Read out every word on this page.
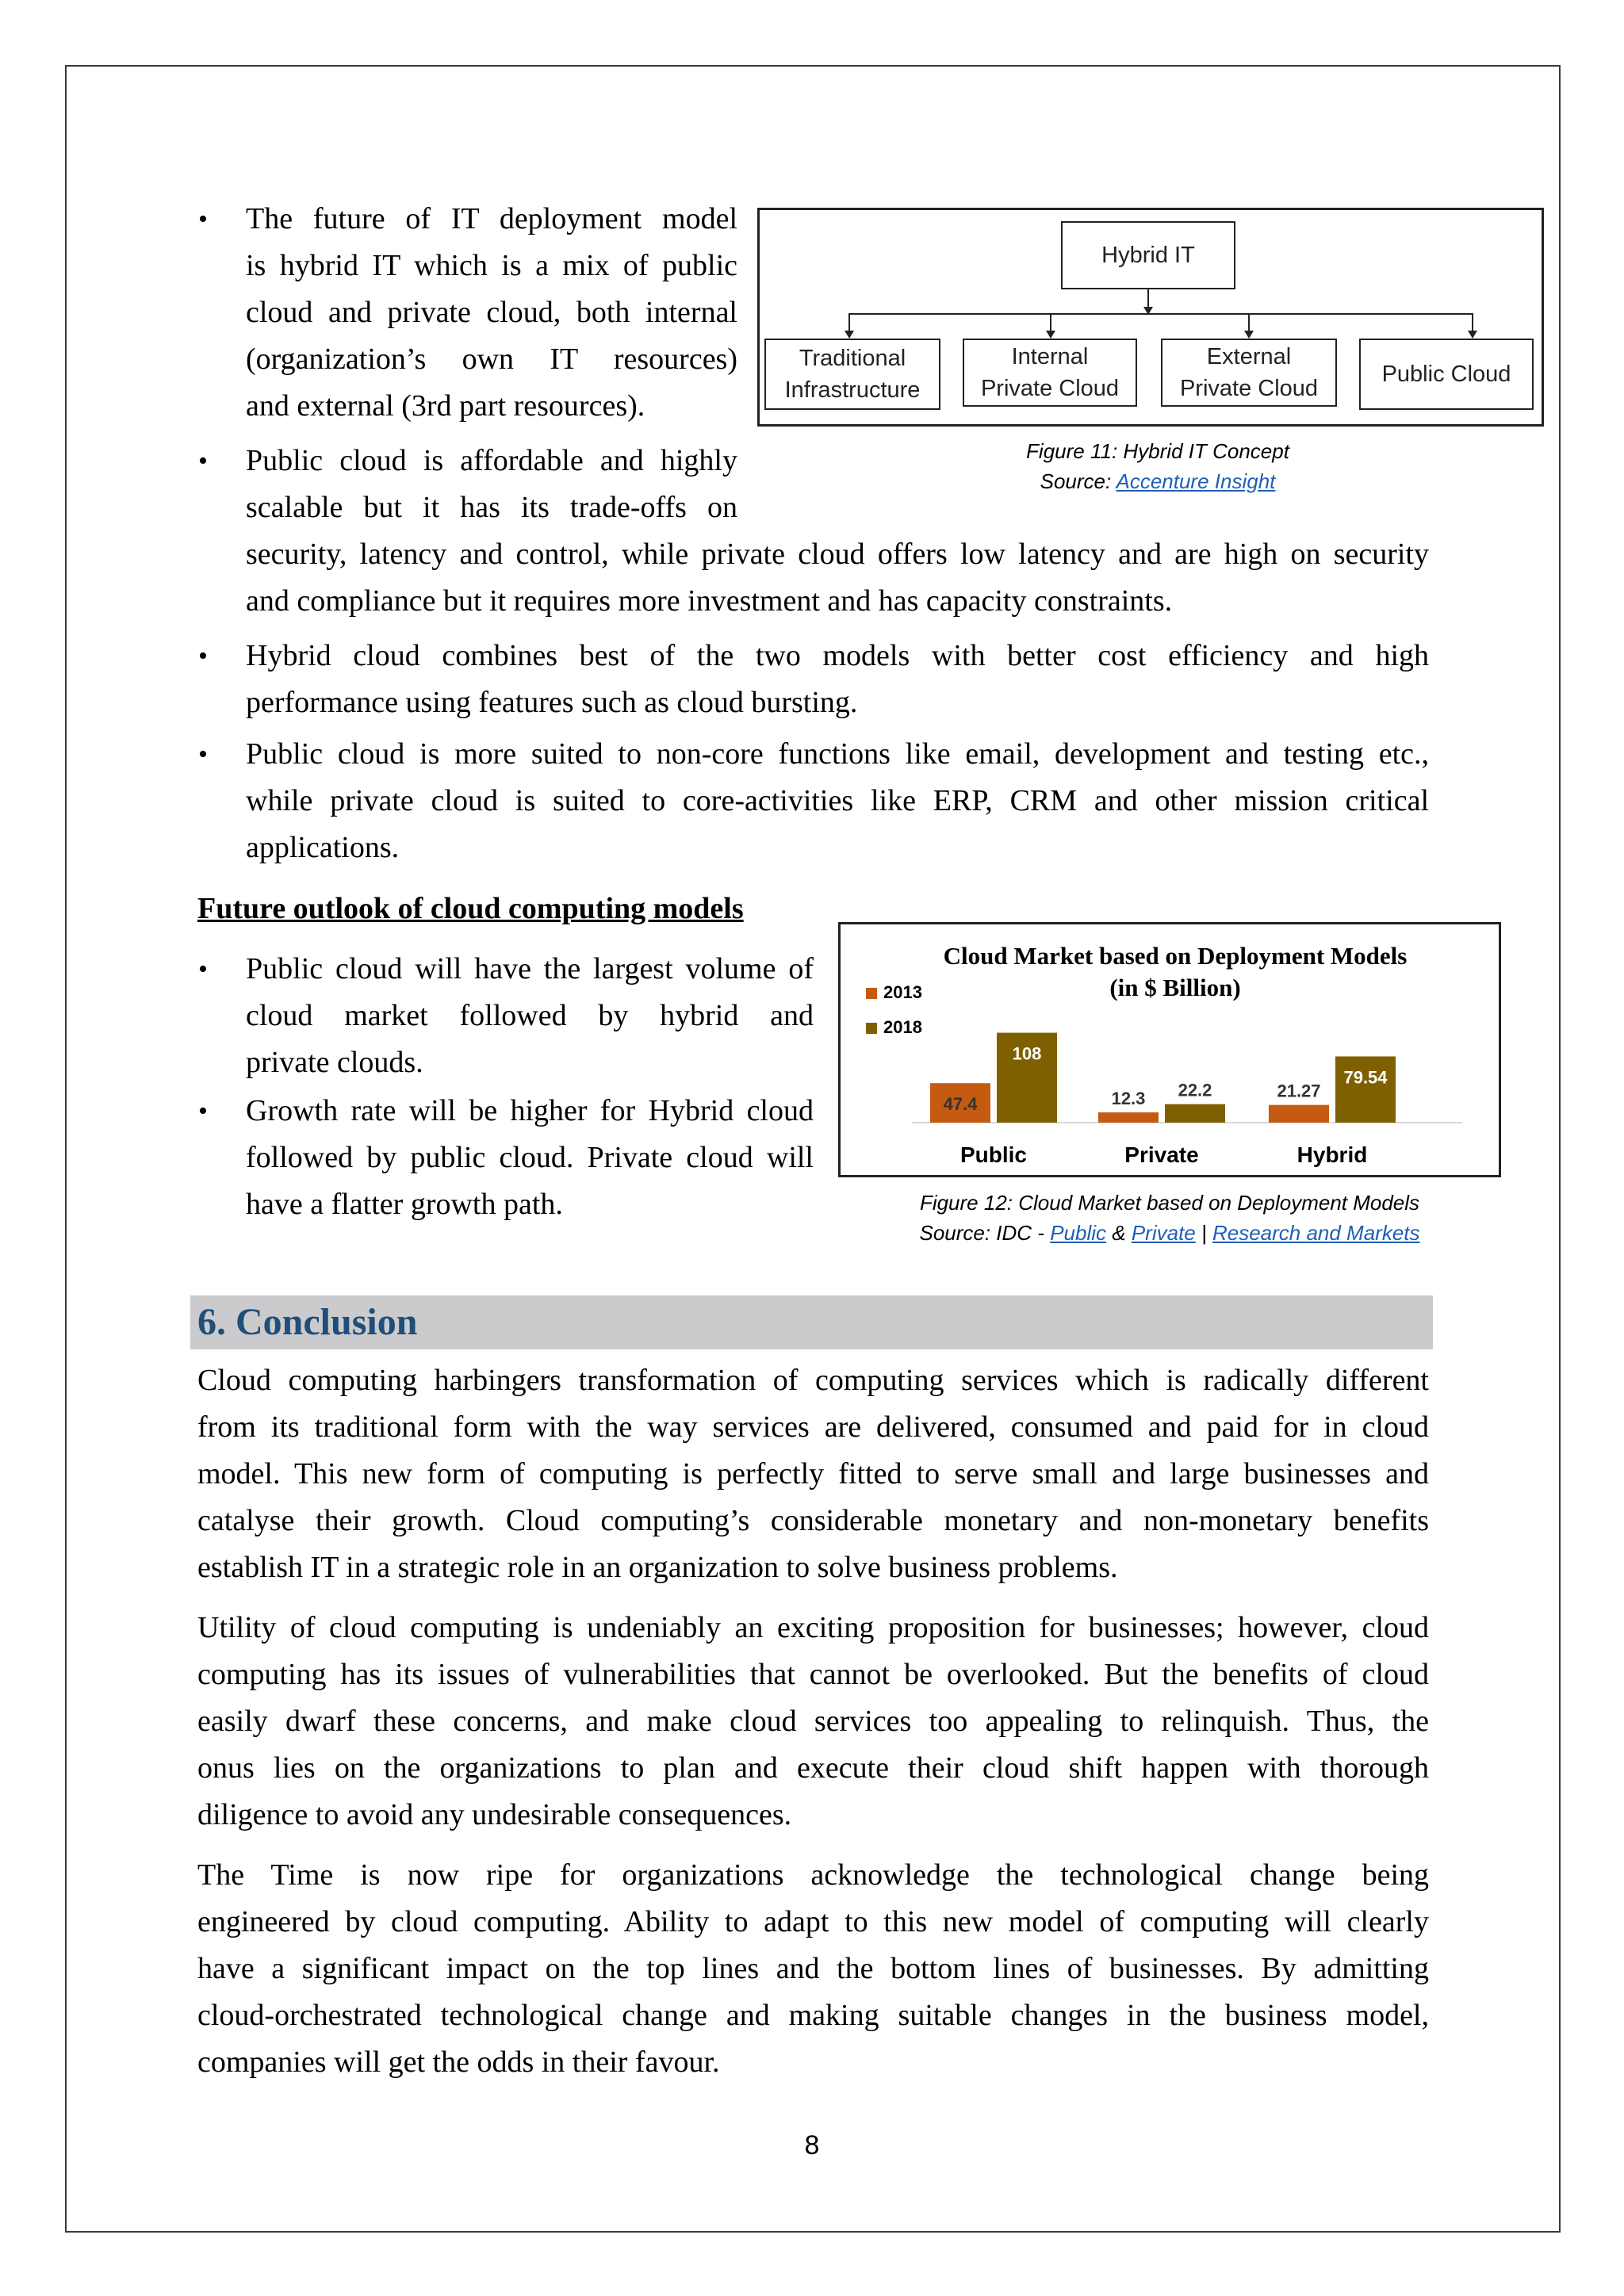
• The future of IT deployment model
is hybrid IT which is a mix of public
cloud and private cloud, both internal
(organization’s own IT resources)
and external (3rd part resources).
• Public cloud is affordable and highly
scalable but it has its trade-offs on
security, latency and control, while private cloud offers low latency and are high on security
and compliance but it requires more investment and has capacity constraints.
• Hybrid cloud combines best of the two models with better cost efficiency and high
performance using features such as cloud bursting.
• Public cloud is more suited to non-core functions like email, development and testing etc.,
while private cloud is suited to core-activities like ERP, CRM and other mission critical
applications.
Hybrid IT
Traditional
Infrastructure
Internal
Private Cloud
External
Private Cloud
Public Cloud
Figure 11: Hybrid IT Concept
Source: Accenture Insight
Future outlook of cloud computing models
• Public cloud will have the largest volume of
cloud market followed by hybrid and
private clouds.
• Growth rate will be higher for Hybrid cloud
followed by public cloud. Private cloud will
have a flatter growth path.
Cloud Market based on Deployment Models
(in $ Billion)
2013
2018
47.4
108
Public
12.3 22.2
Private
21.27
79.54
Hybrid
Figure 12: Cloud Market based on Deployment Models
Source: IDC - Public & Private | Research and Markets
6. Conclusion
Cloud computing harbingers transformation of computing services which is radically different
from its traditional form with the way services are delivered, consumed and paid for in cloud
model. This new form of computing is perfectly fitted to serve small and large businesses and
catalyse their growth. Cloud computing’s considerable monetary and non-monetary benefits
establish IT in a strategic role in an organization to solve business problems.
Utility of cloud computing is undeniably an exciting proposition for businesses; however, cloud
computing has its issues of vulnerabilities that cannot be overlooked. But the benefits of cloud
easily dwarf these concerns, and make cloud services too appealing to relinquish. Thus, the
onus lies on the organizations to plan and execute their cloud shift happen with thorough
diligence to avoid any undesirable consequences.
The Time is now ripe for organizations acknowledge the technological change being
engineered by cloud computing. Ability to adapt to this new model of computing will clearly
have a significant impact on the top lines and the bottom lines of businesses. By admitting
cloud-orchestrated technological change and making suitable changes in the business model,
companies will get the odds in their favour.
8
